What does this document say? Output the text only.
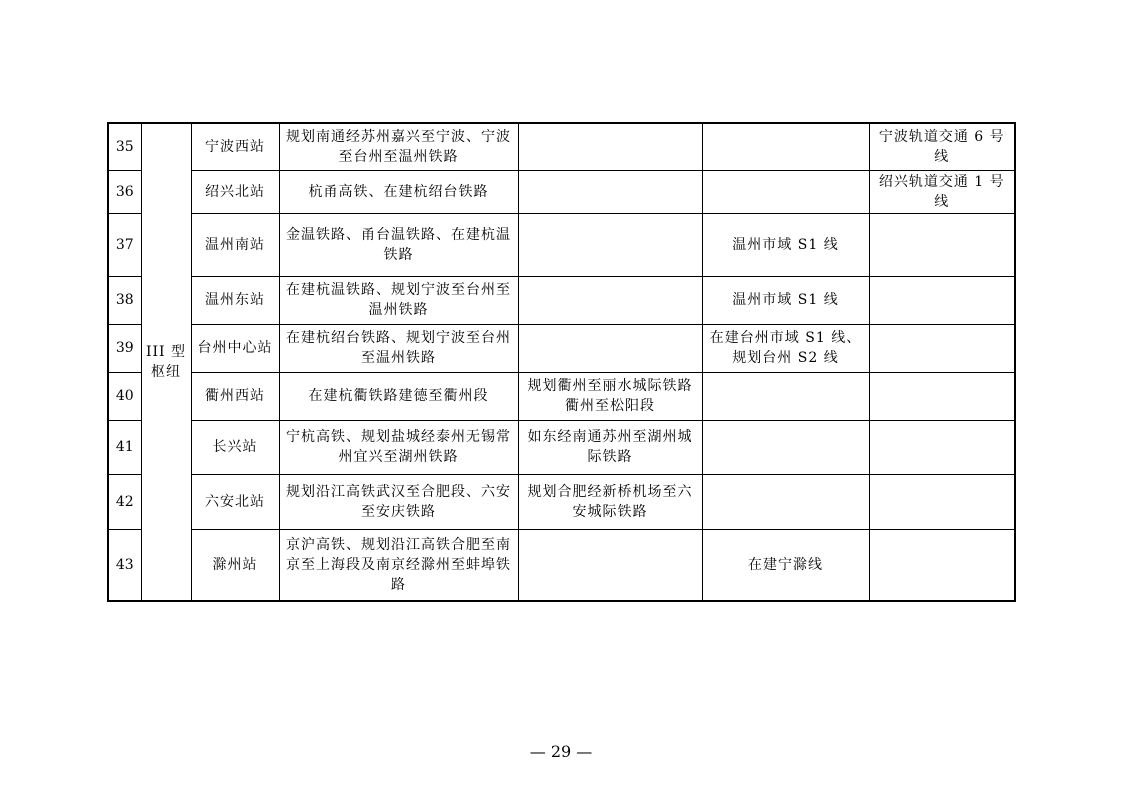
35	III 型枢纽	宁波西站	规划南通经苏州嘉兴至宁波、宁波至台州至温州铁路			宁波轨道交通 6 号线
36		绍兴北站	杭甬高铁、在建杭绍台铁路			绍兴轨道交通 1 号线
37		温州南站	金温铁路、甬台温铁路、在建杭温铁路		温州市域 S1 线	
38		温州东站	在建杭温铁路、规划宁波至台州至温州铁路		温州市域 S1 线	
39		台州中心站	在建杭绍台铁路、规划宁波至台州至温州铁路		在建台州市域 S1 线、规划台州 S2 线	
40		衢州西站	在建杭衢铁路建德至衢州段	规划衢州至丽水城际铁路衢州至松阳段		
41		长兴站	宁杭高铁、规划盐城经泰州无锡常州宜兴至湖州铁路	如东经南通苏州至湖州城际铁路		
42		六安北站	规划沿江高铁武汉至合肥段、六安至安庆铁路	规划合肥经新桥机场至六安城际铁路		
43		滁州站	京沪高铁、规划沿江高铁合肥至南京至上海段及南京经滁州至蚌埠铁路		在建宁滁线	
— 29 —
